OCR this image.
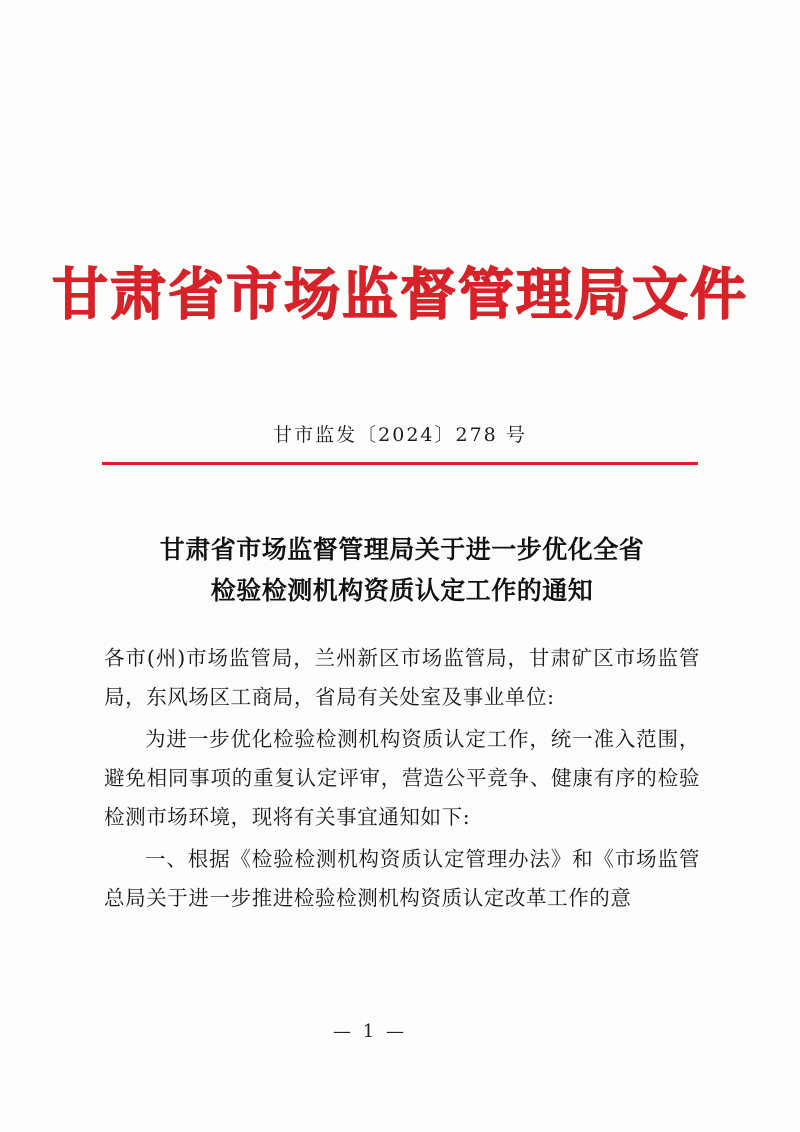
甘肃省市场监督管理局文件
甘市监发〔2024〕278 号
甘肃省市场监督管理局关于进一步优化全省
检验检测机构资质认定工作的通知

各市(州)市场监管局，兰州新区市场监管局，甘肃矿区市场监管局，东风场区工商局，省局有关处室及事业单位:

为进一步优化检验检测机构资质认定工作，统一准入范围，避免相同事项的重复认定评审，营造公平竞争、健康有序的检验检测市场环境，现将有关事宜通知如下:

一、根据《检验检测机构资质认定管理办法》和《市场监管总局关于进一步推进检验检测机构资质认定改革工作的意

— 1 —
